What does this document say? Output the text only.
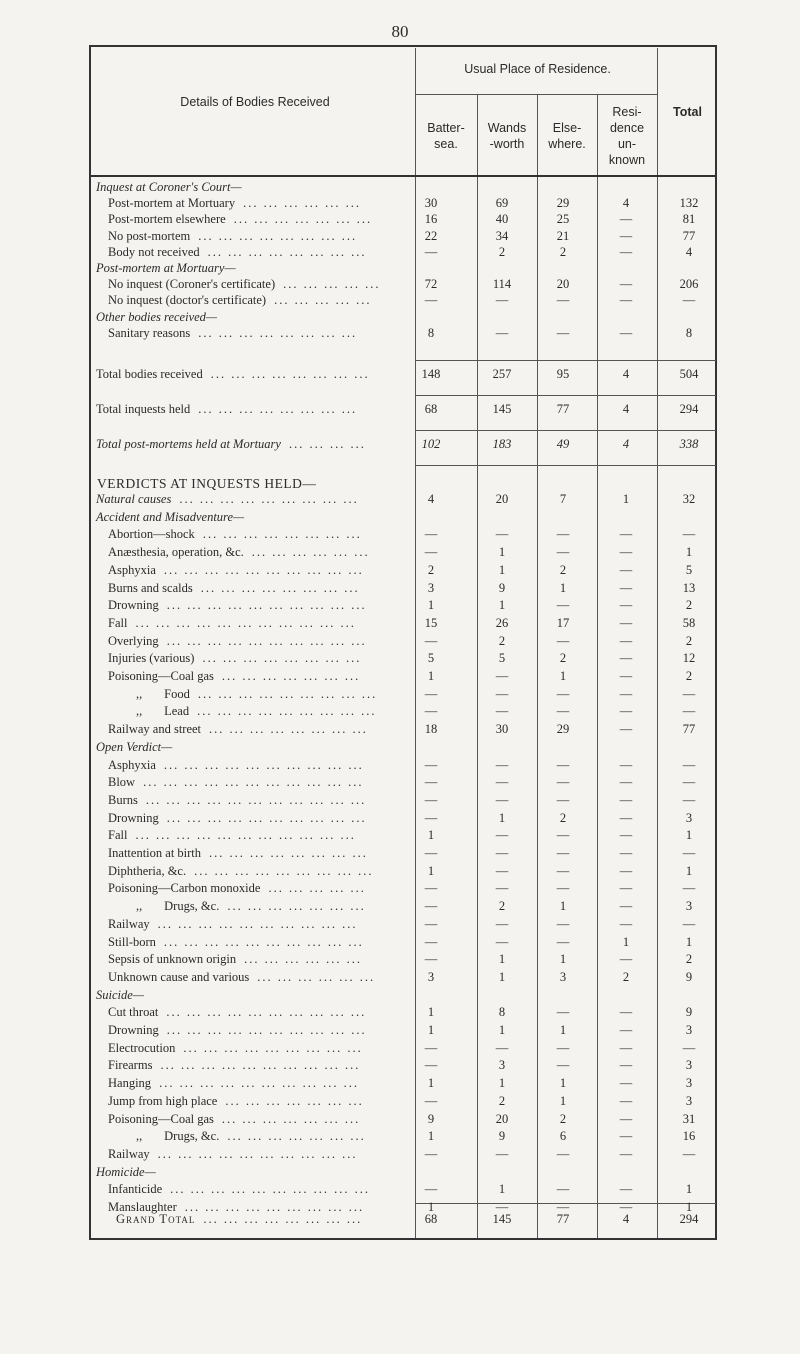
80
Details of Bodies Received
Usual Place of Residence.
Batter-
sea.
Wands
-worth
Else-
where.
Resi-
dence
un-
known
Total
Inquest at Coroner's Court—
Post-mortem at Mortuary ... ... ... ... ... ...	30	69	29	4	132
Post-mortem elsewhere ... ... ... ... ... ... ...	16	40	25	—	81
No post-mortem ... ... ... ... ... ... ... ...	22	34	21	—	77
Body not received ... ... ... ... ... ... ... ...	—	2	2	—	4
Post-mortem at Mortuary—
No inquest (Coroner's certificate) ... ... ... ... ...	72	114	20	—	206
No inquest (doctor's certificate) ... ... ... ... ...	—	—	—	—	—
Other bodies received—
Sanitary reasons ... ... ... ... ... ... ... ...	8	—	—	—	8
Total bodies received ... ... ... ... ... ... ... ...	148	257	95	4	504
Total inquests held ... ... ... ... ... ... ... ...	68	145	77	4	294
Total post-mortems held at Mortuary ... ... ... ...	102	183	49	4	338
VERDICTS AT INQUESTS HELD—
Natural causes ... ... ... ... ... ... ... ... ...	4	20	7	1	32
Accident and Misadventure—
Abortion—shock ... ... ... ... ... ... ... ...	—	—	—	—	—
Anæsthesia, operation, &c. ... ... ... ... ... ...	—	1	—	—	1
Asphyxia ... ... ... ... ... ... ... ... ... ...	2	1	2	—	5
Burns and scalds ... ... ... ... ... ... ... ...	3	9	1	—	13
Drowning ... ... ... ... ... ... ... ... ... ...	1	1	—	—	2
Fall ... ... ... ... ... ... ... ... ... ... ...	15	26	17	—	58
Overlying ... ... ... ... ... ... ... ... ... ...	—	2	—	—	2
Injuries (various) ... ... ... ... ... ... ... ...	5	5	2	—	12
Poisoning—Coal gas ... ... ... ... ... ... ...	1	—	1	—	2
,,       Food ... ... ... ... ... ... ... ... ...	—	—	—	—	—
,,       Lead ... ... ... ... ... ... ... ... ...	—	—	—	—	—
Railway and street ... ... ... ... ... ... ... ...	18	30	29	—	77
Open Verdict—
Asphyxia ... ... ... ... ... ... ... ... ... ...	—	—	—	—	—
Blow ... ... ... ... ... ... ... ... ... ... ...	—	—	—	—	—
Burns ... ... ... ... ... ... ... ... ... ... ...	—	—	—	—	—
Drowning ... ... ... ... ... ... ... ... ... ...	—	1	2	—	3
Fall ... ... ... ... ... ... ... ... ... ... ...	1	—	—	—	1
Inattention at birth ... ... ... ... ... ... ... ...	—	—	—	—	—
Diphtheria, &c. ... ... ... ... ... ... ... ... ...	1	—	—	—	1
Poisoning—Carbon monoxide ... ... ... ... ...	—	—	—	—	—
,,       Drugs, &c. ... ... ... ... ... ... ...	—	2	1	—	3
Railway ... ... ... ... ... ... ... ... ... ...	—	—	—	—	—
Still-born ... ... ... ... ... ... ... ... ... ...	—	—	—	1	1
Sepsis of unknown origin ... ... ... ... ... ...	—	1	1	—	2
Unknown cause and various ... ... ... ... ... ...	3	1	3	2	9
Suicide—
Cut throat ... ... ... ... ... ... ... ... ... ...	1	8	—	—	9
Drowning ... ... ... ... ... ... ... ... ... ...	1	1	1	—	3
Electrocution ... ... ... ... ... ... ... ... ...	—	—	—	—	—
Firearms ... ... ... ... ... ... ... ... ... ...	—	3	—	—	3
Hanging ... ... ... ... ... ... ... ... ... ...	1	1	1	—	3
Jump from high place ... ... ... ... ... ... ...	—	2	1	—	3
Poisoning—Coal gas ... ... ... ... ... ... ...	9	20	2	—	31
,,       Drugs, &c. ... ... ... ... ... ... ...	1	9	6	—	16
Railway ... ... ... ... ... ... ... ... ... ...	—	—	—	—	—
Homicide—
Infanticide ... ... ... ... ... ... ... ... ... ...	—	1	—	—	1
Manslaughter ... ... ... ... ... ... ... ... ...	1	—	—	—	1
Grand Total ... ... ... ... ... ... ... ...	68	145	77	4	294
